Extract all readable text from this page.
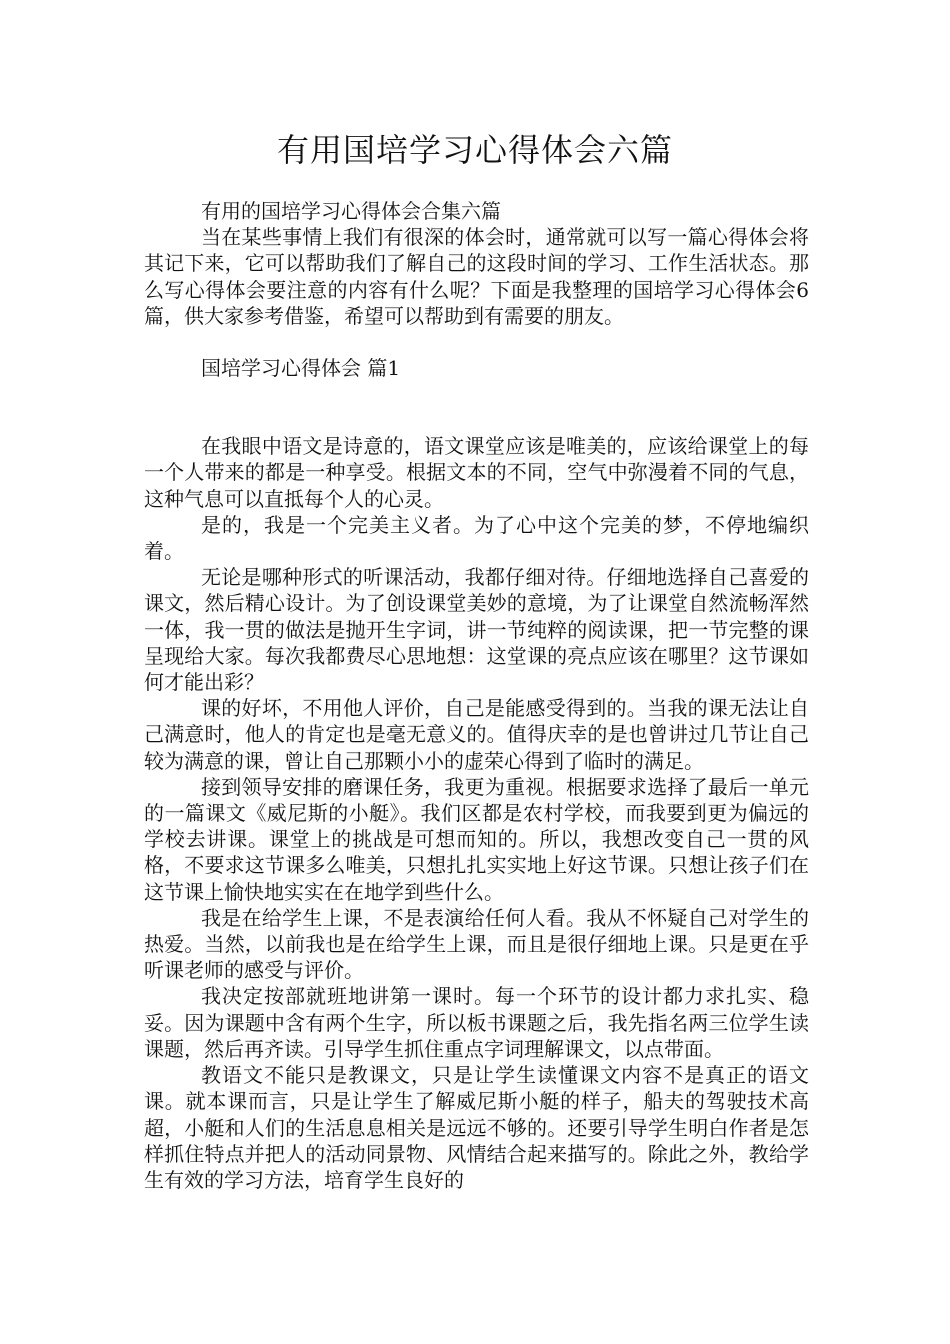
有用国培学习心得体会六篇

有用的国培学习心得体会合集六篇

当在某些事情上我们有很深的体会时，通常就可以写一篇心得体会将其记下来，它可以帮助我们了解自己的这段时间的学习、工作生活状态。那么写心得体会要注意的内容有什么呢？下面是我整理的国培学习心得体会6篇，供大家参考借鉴，希望可以帮助到有需要的朋友。

国培学习心得体会 篇1

在我眼中语文是诗意的，语文课堂应该是唯美的，应该给课堂上的每一个人带来的都是一种享受。根据文本的不同，空气中弥漫着不同的气息，这种气息可以直抵每个人的心灵。

是的，我是一个完美主义者。为了心中这个完美的梦，不停地编织着。

无论是哪种形式的听课活动，我都仔细对待。仔细地选择自己喜爱的课文，然后精心设计。为了创设课堂美妙的意境，为了让课堂自然流畅浑然一体，我一贯的做法是抛开生字词，讲一节纯粹的阅读课，把一节完整的课呈现给大家。每次我都费尽心思地想：这堂课的亮点应该在哪里？这节课如何才能出彩？

课的好坏，不用他人评价，自己是能感受得到的。当我的课无法让自己满意时，他人的肯定也是毫无意义的。值得庆幸的是也曾讲过几节让自己较为满意的课，曾让自己那颗小小的虚荣心得到了临时的满足。

接到领导安排的磨课任务，我更为重视。根据要求选择了最后一单元的一篇课文《威尼斯的小艇》。我们区都是农村学校，而我要到更为偏远的学校去讲课。课堂上的挑战是可想而知的。所以，我想改变自己一贯的风格，不要求这节课多么唯美，只想扎扎实实地上好这节课。只想让孩子们在这节课上愉快地实实在在地学到些什么。

我是在给学生上课，不是表演给任何人看。我从不怀疑自己对学生的热爱。当然，以前我也是在给学生上课，而且是很仔细地上课。只是更在乎听课老师的感受与评价。

我决定按部就班地讲第一课时。每一个环节的设计都力求扎实、稳妥。因为课题中含有两个生字，所以板书课题之后，我先指名两三位学生读课题，然后再齐读。引导学生抓住重点字词理解课文，以点带面。

教语文不能只是教课文，只是让学生读懂课文内容不是真正的语文课。就本课而言，只是让学生了解威尼斯小艇的样子，船夫的驾驶技术高超，小艇和人们的生活息息相关是远远不够的。还要引导学生明白作者是怎样抓住特点并把人的活动同景物、风情结合起来描写的。除此之外，教给学生有效的学习方法，培育学生良好的
